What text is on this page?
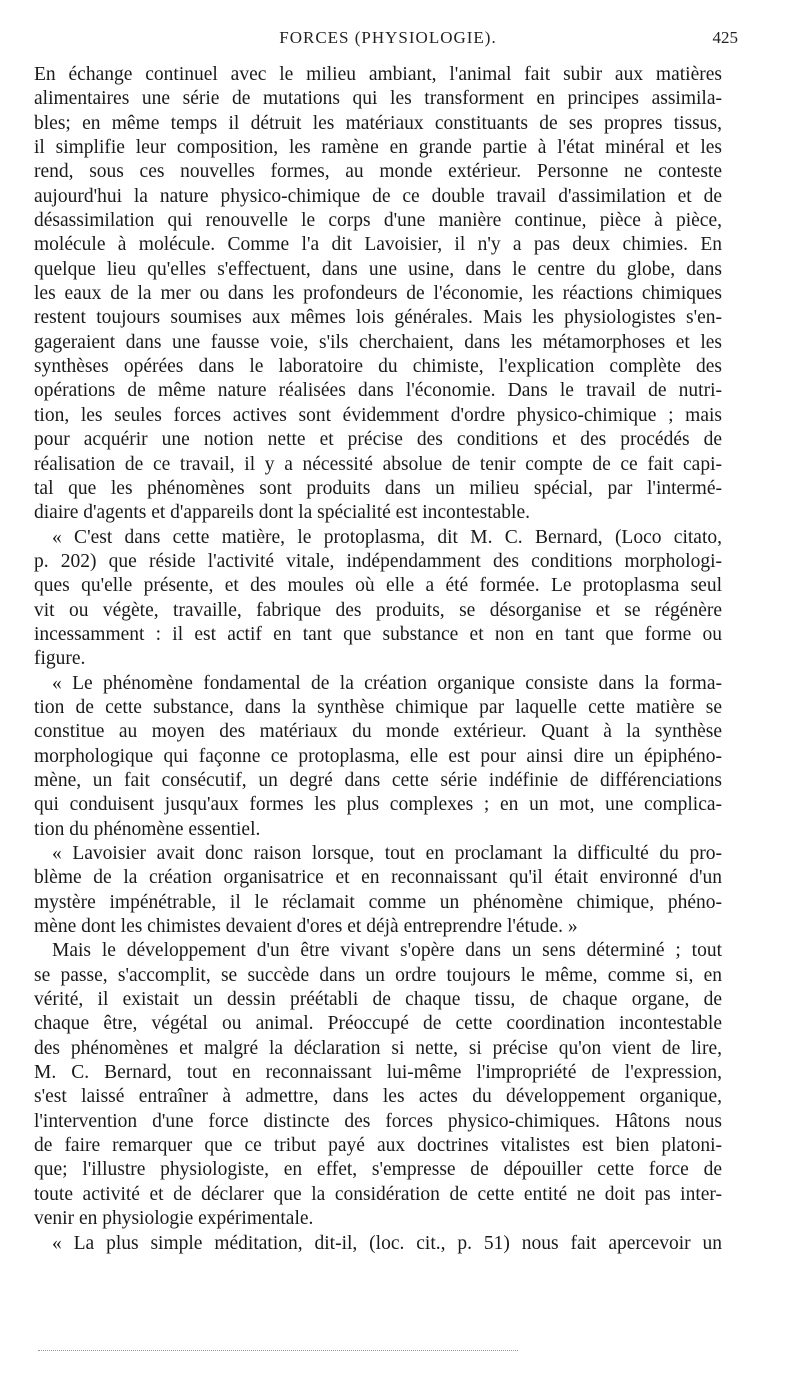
FORCES (PHYSIOLOGIE).	425
En échange continuel avec le milieu ambiant, l'animal fait subir aux matières
alimentaires une série de mutations qui les transforment en principes assimila-
bles; en même temps il détruit les matériaux constituants de ses propres tissus,
il simplifie leur composition, les ramène en grande partie à l'état minéral et les
rend, sous ces nouvelles formes, au monde extérieur. Personne ne conteste
aujourd'hui la nature physico-chimique de ce double travail d'assimilation et de
désassimilation qui renouvelle le corps d'une manière continue, pièce à pièce,
molécule à molécule. Comme l'a dit Lavoisier, il n'y a pas deux chimies. En
quelque lieu qu'elles s'effectuent, dans une usine, dans le centre du globe, dans
les eaux de la mer ou dans les profondeurs de l'économie, les réactions chimiques
restent toujours soumises aux mêmes lois générales. Mais les physiologistes s'en-
gageraient dans une fausse voie, s'ils cherchaient, dans les métamorphoses et les
synthèses opérées dans le laboratoire du chimiste, l'explication complète des
opérations de même nature réalisées dans l'économie. Dans le travail de nutri-
tion, les seules forces actives sont évidemment d'ordre physico-chimique ; mais
pour acquérir une notion nette et précise des conditions et des procédés de
réalisation de ce travail, il y a nécessité absolue de tenir compte de ce fait capi-
tal que les phénomènes sont produits dans un milieu spécial, par l'intermé-
diaire d'agents et d'appareils dont la spécialité est incontestable.
« C'est dans cette matière, le protoplasma, dit M. C. Bernard, (Loco citato,
p. 202) que réside l'activité vitale, indépendamment des conditions morphologi-
ques qu'elle présente, et des moules où elle a été formée. Le protoplasma seul
vit ou végète, travaille, fabrique des produits, se désorganise et se régénère
incessamment : il est actif en tant que substance et non en tant que forme ou
figure.
« Le phénomène fondamental de la création organique consiste dans la forma-
tion de cette substance, dans la synthèse chimique par laquelle cette matière se
constitue au moyen des matériaux du monde extérieur. Quant à la synthèse
morphologique qui façonne ce protoplasma, elle est pour ainsi dire un épiphéno-
mène, un fait consécutif, un degré dans cette série indéfinie de différenciations
qui conduisent jusqu'aux formes les plus complexes ; en un mot, une complica-
tion du phénomène essentiel.
« Lavoisier avait donc raison lorsque, tout en proclamant la difficulté du pro-
blème de la création organisatrice et en reconnaissant qu'il était environné d'un
mystère impénétrable, il le réclamait comme un phénomène chimique, phéno-
mène dont les chimistes devaient d'ores et déjà entreprendre l'étude. »
Mais le développement d'un être vivant s'opère dans un sens déterminé ; tout
se passe, s'accomplit, se succède dans un ordre toujours le même, comme si, en
vérité, il existait un dessin préétabli de chaque tissu, de chaque organe, de
chaque être, végétal ou animal. Préoccupé de cette coordination incontestable
des phénomènes et malgré la déclaration si nette, si précise qu'on vient de lire,
M. C. Bernard, tout en reconnaissant lui-même l'impropriété de l'expression,
s'est laissé entraîner à admettre, dans les actes du développement organique,
l'intervention d'une force distincte des forces physico-chimiques. Hâtons nous
de faire remarquer que ce tribut payé aux doctrines vitalistes est bien platoni-
que; l'illustre physiologiste, en effet, s'empresse de dépouiller cette force de
toute activité et de déclarer que la considération de cette entité ne doit pas inter-
venir en physiologie expérimentale.
« La plus simple méditation, dit-il, (loc. cit., p. 51) nous fait apercevoir un
